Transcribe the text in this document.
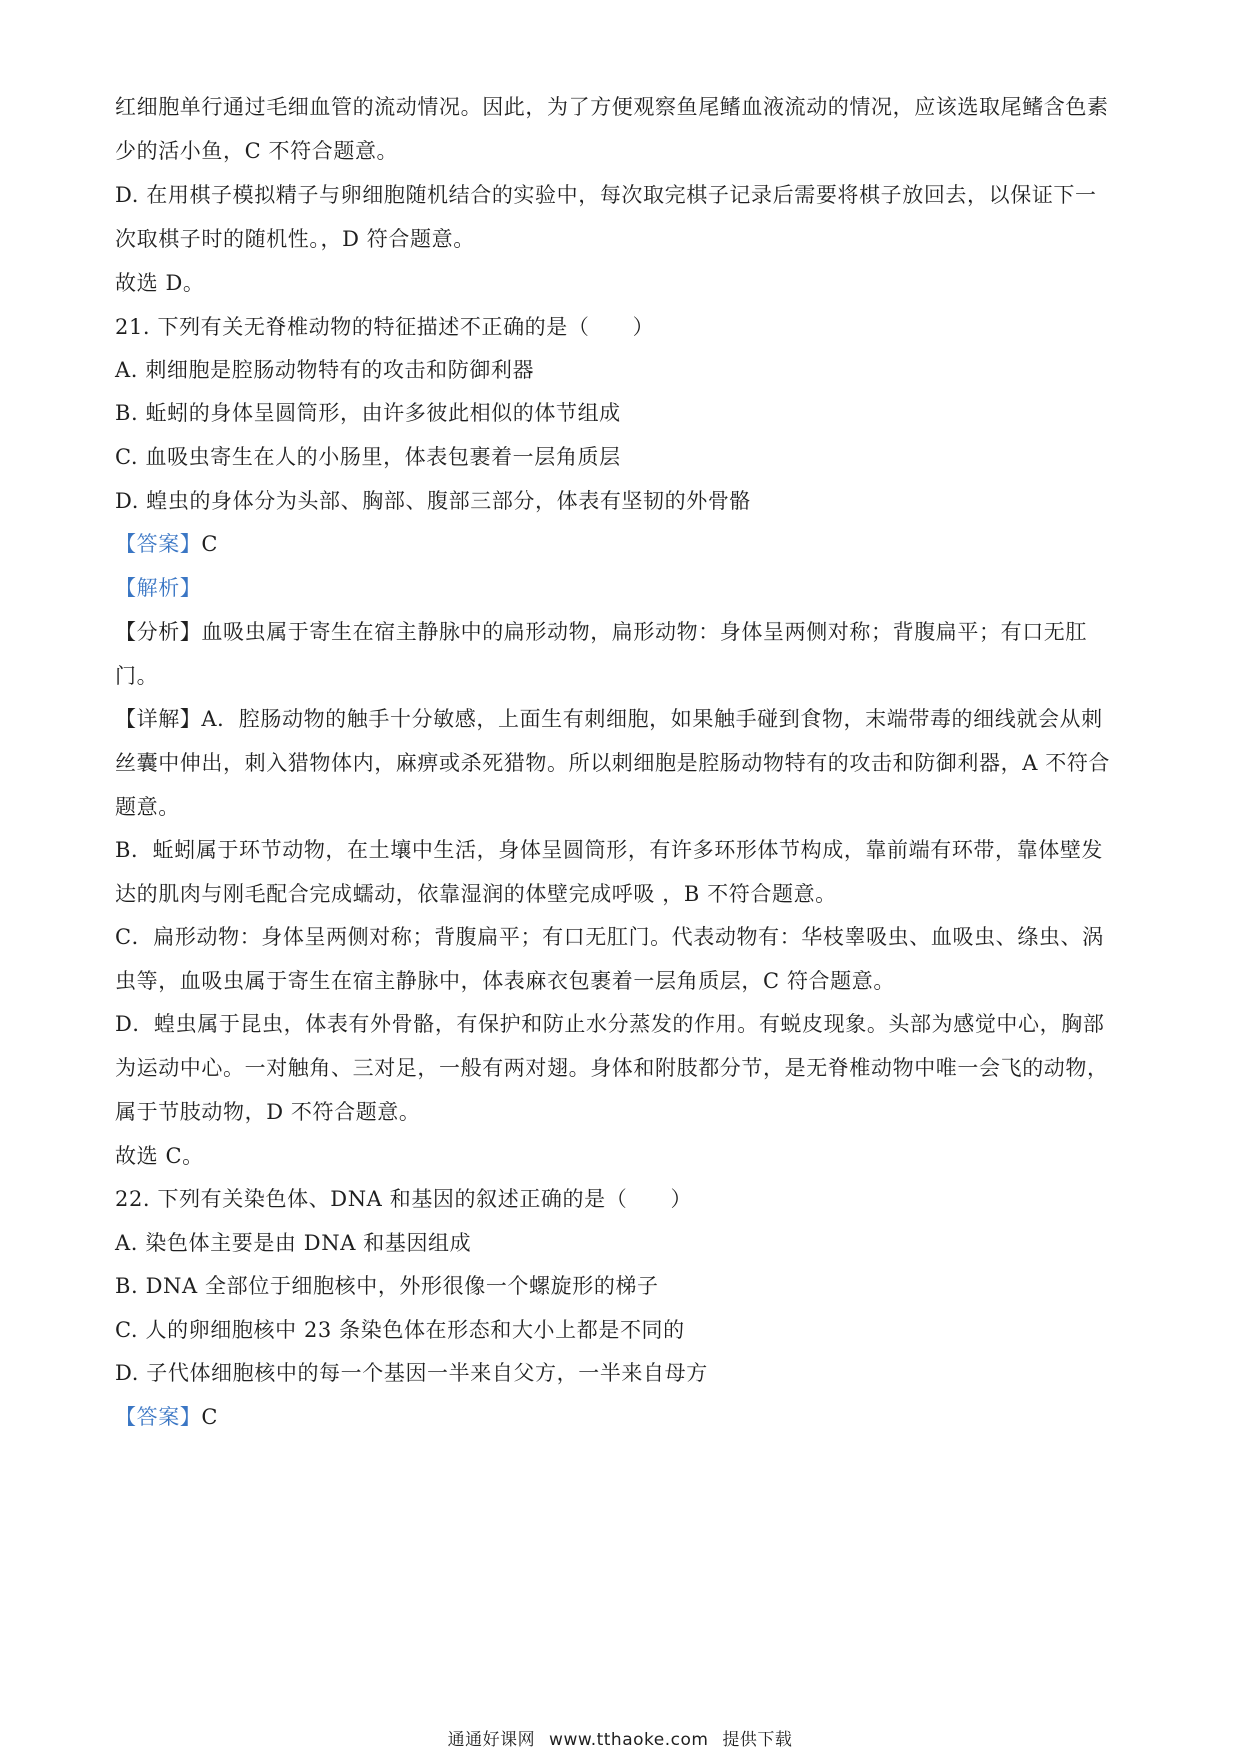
红细胞单行通过毛细血管的流动情况。因此，为了方便观察鱼尾鳍血液流动的情况，应该选取尾鳍含色素
少的活小鱼，C 不符合题意。
D. 在用棋子模拟精子与卵细胞随机结合的实验中，每次取完棋子记录后需要将棋子放回去，以保证下一
次取棋子时的随机性。，D 符合题意。
故选 D。
21. 下列有关无脊椎动物的特征描述不正确的是（　　）
A. 刺细胞是腔肠动物特有的攻击和防御利器
B. 蚯蚓的身体呈圆筒形，由许多彼此相似的体节组成
C. 血吸虫寄生在人的小肠里，体表包裹着一层角质层
D. 蝗虫的身体分为头部、胸部、腹部三部分，体表有坚韧的外骨骼
【答案】C
【解析】
【分析】血吸虫属于寄生在宿主静脉中的扁形动物，扁形动物：身体呈两侧对称；背腹扁平；有口无肛
门。
【详解】A．腔肠动物的触手十分敏感，上面生有刺细胞，如果触手碰到食物，末端带毒的细线就会从刺
丝囊中伸出，刺入猎物体内，麻痹或杀死猎物。所以刺细胞是腔肠动物特有的攻击和防御利器，A 不符合
题意。
B．蚯蚓属于环节动物，在土壤中生活，身体呈圆筒形，有许多环形体节构成，靠前端有环带，靠体壁发
达的肌肉与刚毛配合完成蠕动，依靠湿润的体壁完成呼吸 ，B 不符合题意。
C．扁形动物：身体呈两侧对称；背腹扁平；有口无肛门。代表动物有：华枝睾吸虫、血吸虫、绦虫、涡
虫等，血吸虫属于寄生在宿主静脉中，体表麻衣包裹着一层角质层，C 符合题意。
D．蝗虫属于昆虫，体表有外骨骼，有保护和防止水分蒸发的作用。有蜕皮现象。头部为感觉中心，胸部
为运动中心。一对触角、三对足，一般有两对翅。身体和附肢都分节，是无脊椎动物中唯一会飞的动物，
属于节肢动物，D 不符合题意。
故选 C。
22. 下列有关染色体、DNA 和基因的叙述正确的是（　　）
A. 染色体主要是由 DNA 和基因组成
B. DNA 全部位于细胞核中，外形很像一个螺旋形的梯子
C. 人的卵细胞核中 23 条染色体在形态和大小上都是不同的
D. 子代体细胞核中的每一个基因一半来自父方，一半来自母方
【答案】C
通通好课网 www.tthaoke.com 提供下载
